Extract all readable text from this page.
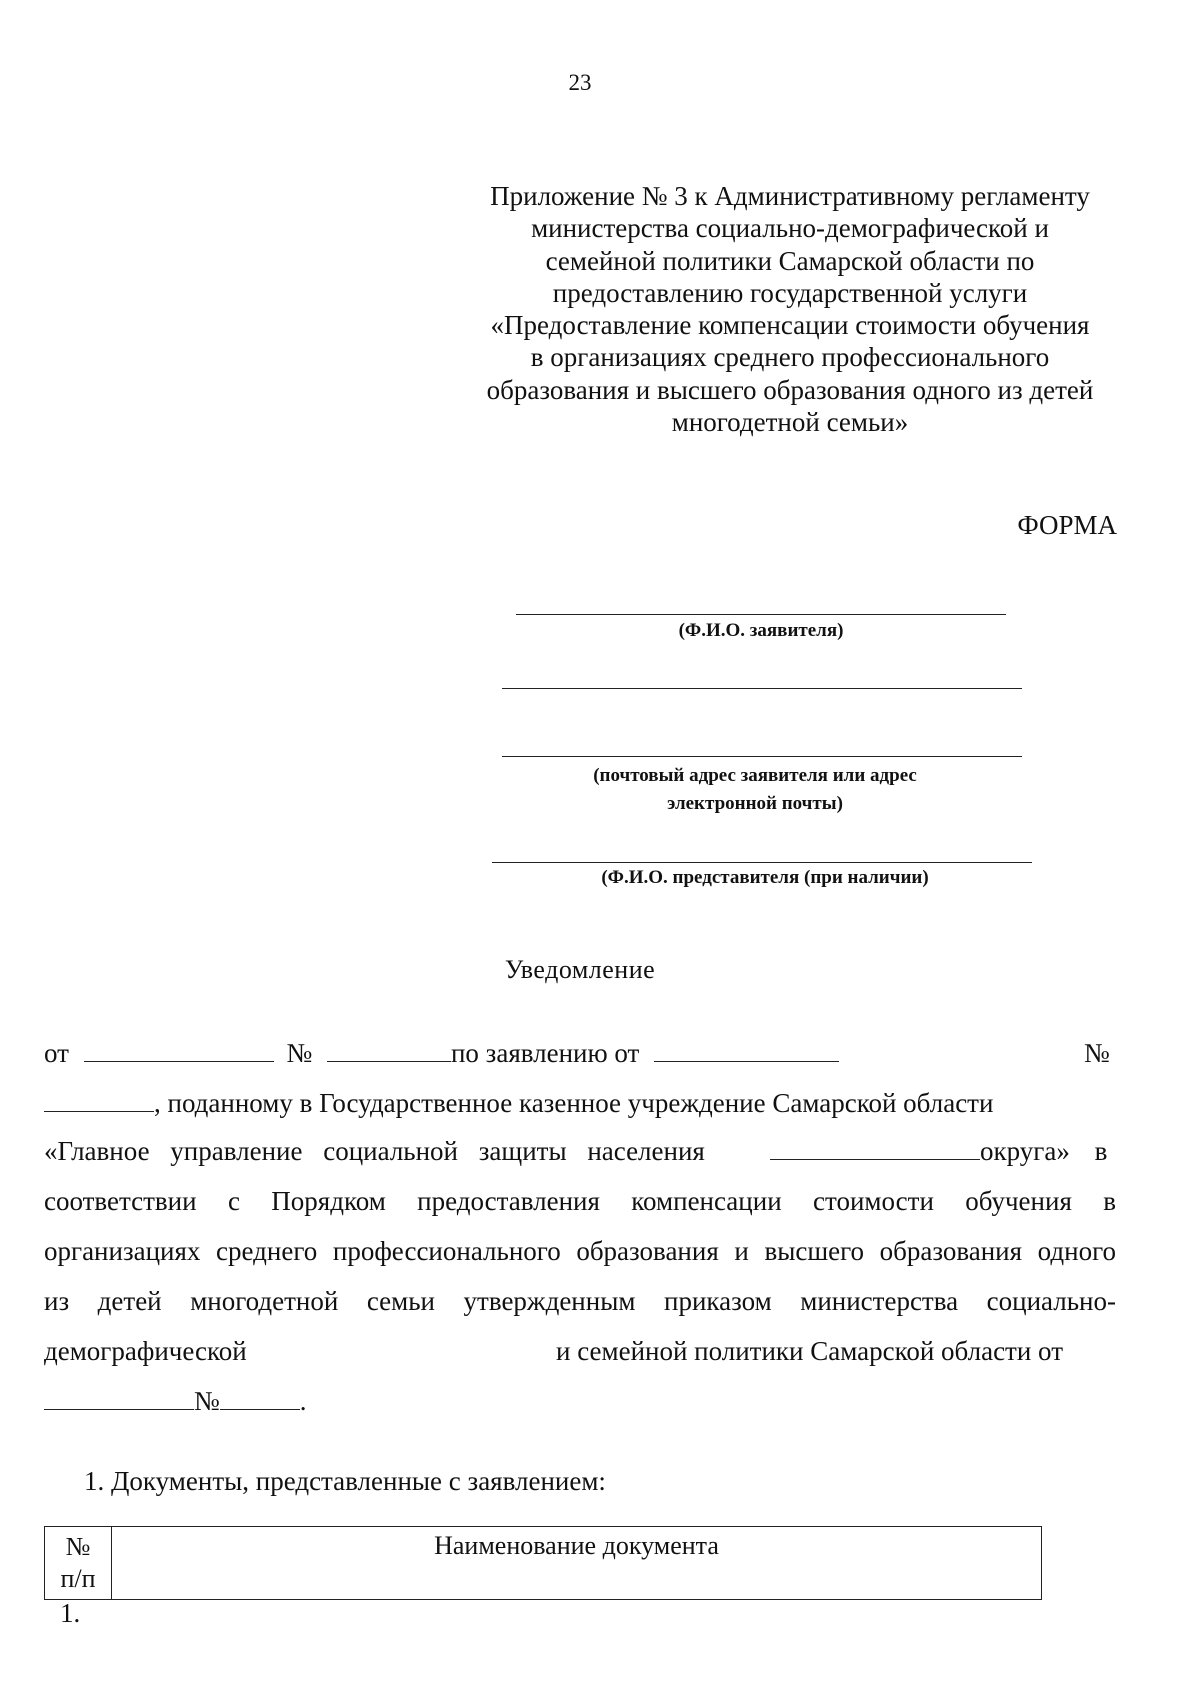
23
Приложение № 3 к Административному регламенту
министерства социально-демографической и
семейной политики Самарской области по
предоставлению государственной услуги
«Предоставление компенсации стоимости обучения
в организациях среднего профессионального
образования и высшего образования одного из детей
многодетной семьи»
ФОРМА
(Ф.И.О. заявителя)
(почтовый адрес заявителя или адрес
электронной почты)
(Ф.И.О. представителя (при наличии)
Уведомление
от	№	по заявлению от	№
, поданному в Государственное казенное учреждение Самарской области
«Главное управление социальной защиты населения	округа» в
соответствии с Порядком предоставления компенсации стоимости обучения в
организациях среднего профессионального образования и высшего образования одного
из детей многодетной семьи утвержденным приказом министерства социально-
демографической	и семейной политики Самарской области от
№	.
1. Документы, представленные с заявлением:
№
п/п
	Наименование документа
1.
